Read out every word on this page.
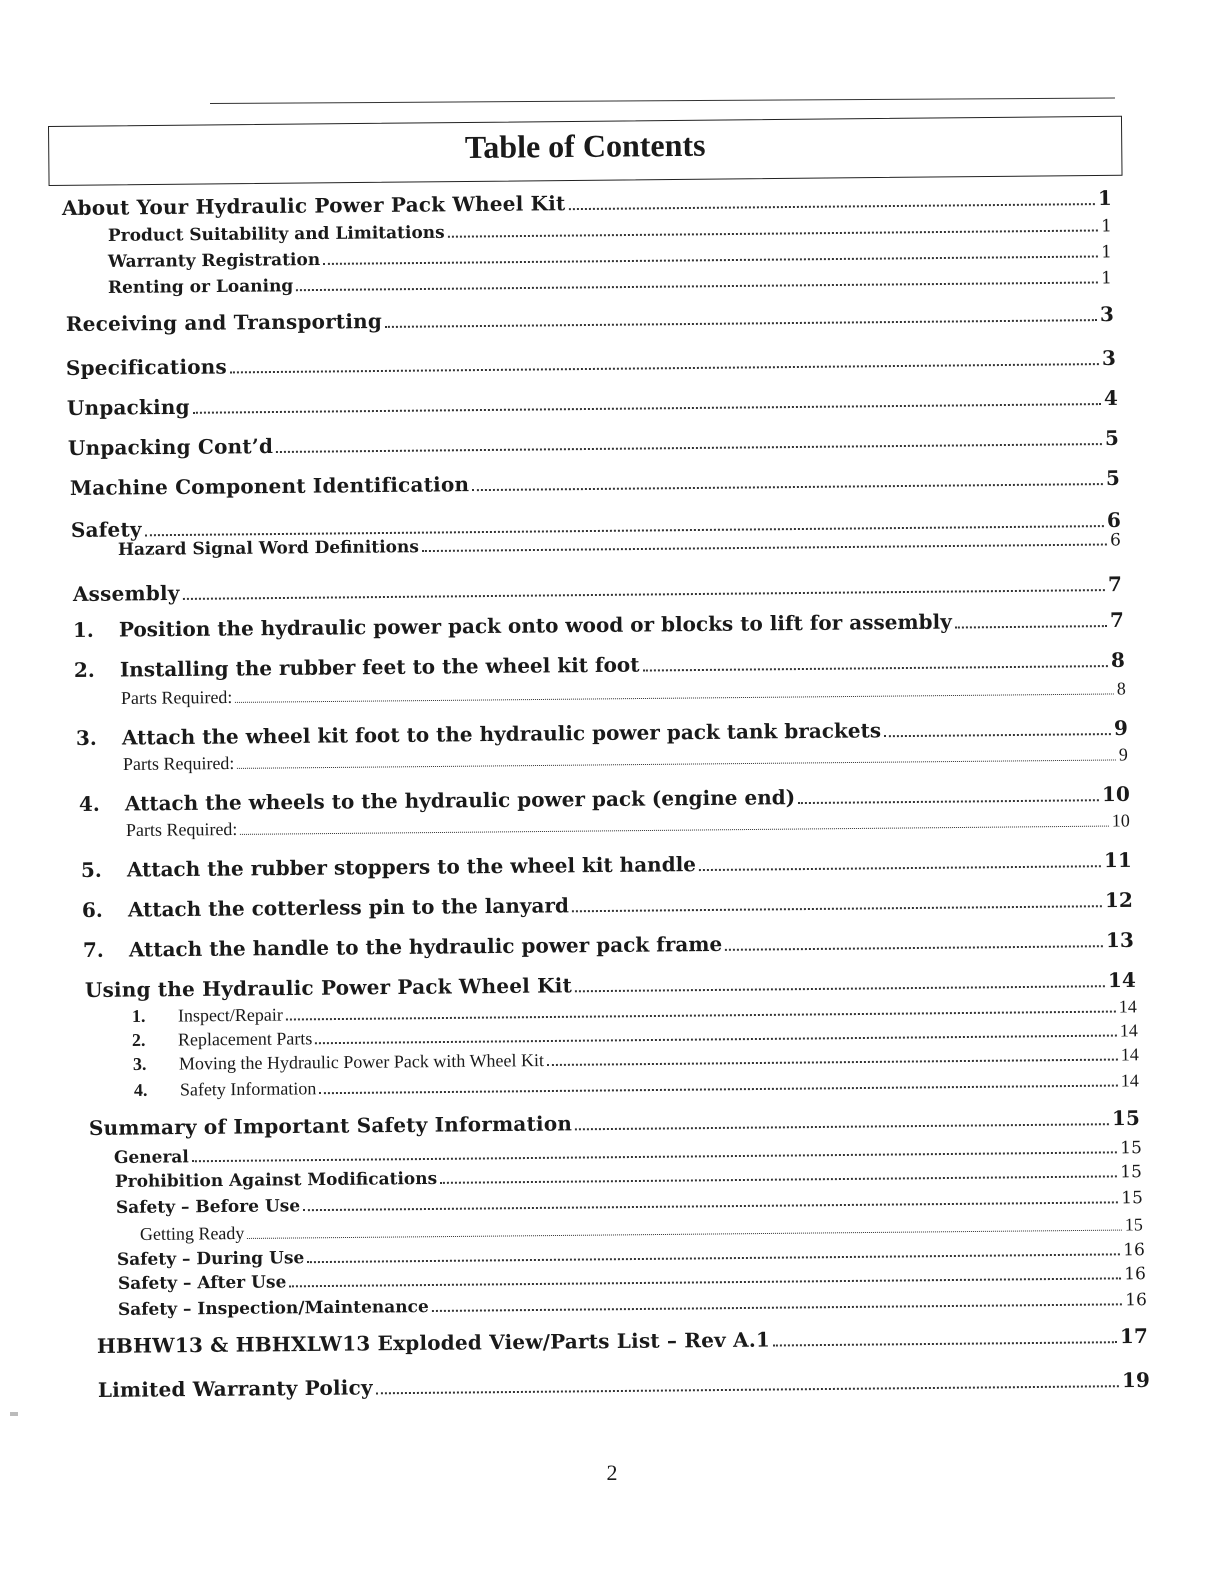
Table of Contents
About Your Hydraulic Power Pack Wheel Kit	1
Product Suitability and Limitations	1
Warranty Registration	1
Renting or Loaning	1
Receiving and Transporting	3
Specifications	3
Unpacking	4
Unpacking Cont’d	5
Machine Component Identification	5
Safety	6
Hazard Signal Word Definitions	6
Assembly	7
1.	Position the hydraulic power pack onto wood or blocks to lift for assembly	7
2.	Installing the rubber feet to the wheel kit foot	8
Parts Required:	8
3.	Attach the wheel kit foot to the hydraulic power pack tank brackets	9
Parts Required:	9
4.	Attach the wheels to the hydraulic power pack (engine end)	10
Parts Required:	10
5.	Attach the rubber stoppers to the wheel kit handle	11
6.	Attach the cotterless pin to the lanyard	12
7.	Attach the handle to the hydraulic power pack frame	13
Using the Hydraulic Power Pack Wheel Kit	14
1.	Inspect/Repair	14
2.	Replacement Parts	14
3.	Moving the Hydraulic Power Pack with Wheel Kit	14
4.	Safety Information	14
Summary of Important Safety Information	15
General	15
Prohibition Against Modifications	15
Safety – Before Use	15
Getting Ready	15
Safety – During Use	16
Safety – After Use	16
Safety – Inspection/Maintenance	16
HBHW13 & HBHXLW13 Exploded View/Parts List – Rev A.1	17
Limited Warranty Policy	19
2
